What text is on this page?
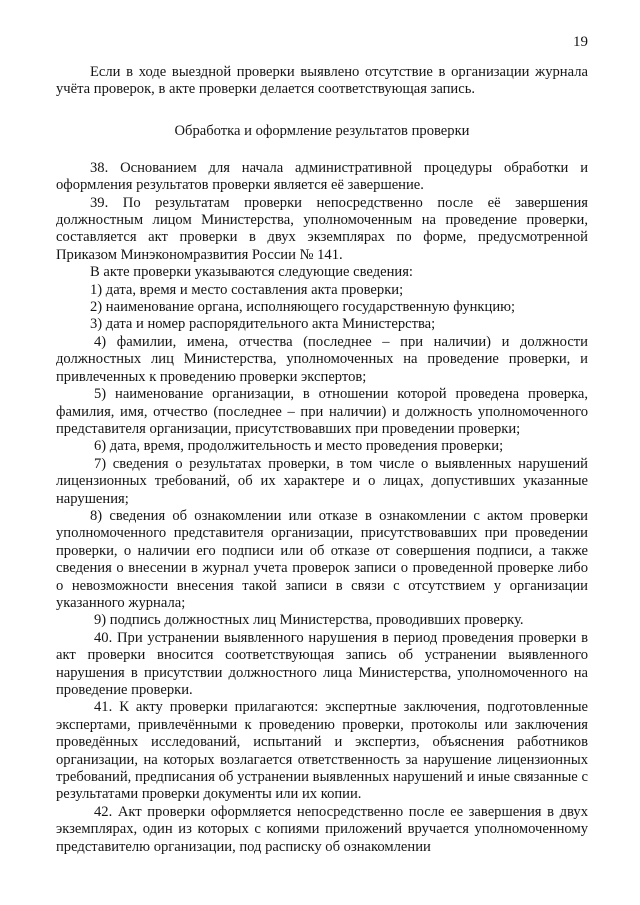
19

Если в ходе выездной проверки выявлено отсутствие в организации журнала учёта проверок, в акте проверки делается соответствующая запись.

Обработка и оформление результатов проверки

38. Основанием для начала административной процедуры обработки и оформления результатов проверки является её завершение.

39. По результатам проверки непосредственно после её завершения должностным лицом Министерства, уполномоченным на проведение проверки, составляется акт проверки в двух экземплярах по форме, предусмотренной Приказом Минэкономразвития России № 141.

В акте проверки указываются следующие сведения:

1) дата, время и место составления акта проверки;

2) наименование органа, исполняющего государственную функцию;

3) дата и номер распорядительного акта Министерства;

4) фамилии, имена, отчества (последнее – при наличии) и должности должностных лиц Министерства, уполномоченных на проведение проверки, и привлеченных к проведению проверки экспертов;

5) наименование организации, в отношении которой проведена проверка, фамилия, имя, отчество (последнее – при наличии) и должность уполномоченного представителя организации, присутствовавших при проведении проверки;

6) дата, время, продолжительность и место проведения проверки;

7) сведения о результатах проверки, в том числе о выявленных нарушений лицензионных требований, об их характере и о лицах, допустивших указанные нарушения;

8) сведения об ознакомлении или отказе в ознакомлении с актом проверки уполномоченного представителя организации, присутствовавших при проведении проверки, о наличии его подписи или об отказе от совершения подписи, а также сведения о внесении в журнал учета проверок записи о проведенной проверке либо о невозможности внесения такой записи в связи с отсутствием у организации указанного журнала;

9) подпись должностных лиц Министерства, проводивших проверку.

40. При устранении выявленного нарушения в период проведения проверки в акт проверки вносится соответствующая запись об устранении выявленного нарушения в присутствии должностного лица Министерства, уполномоченного на проведение проверки.

41. К акту проверки прилагаются: экспертные заключения, подготовленные экспертами, привлечёнными к проведению проверки, протоколы или заключения проведённых исследований, испытаний и экспертиз, объяснения работников организации, на которых возлагается ответственность за нарушение лицензионных требований, предписания об устранении выявленных нарушений и иные связанные с результатами проверки документы или их копии.

42. Акт проверки оформляется непосредственно после ее завершения в двух экземплярах, один из которых с копиями приложений вручается уполномоченному представителю организации, под расписку об ознакомлении
